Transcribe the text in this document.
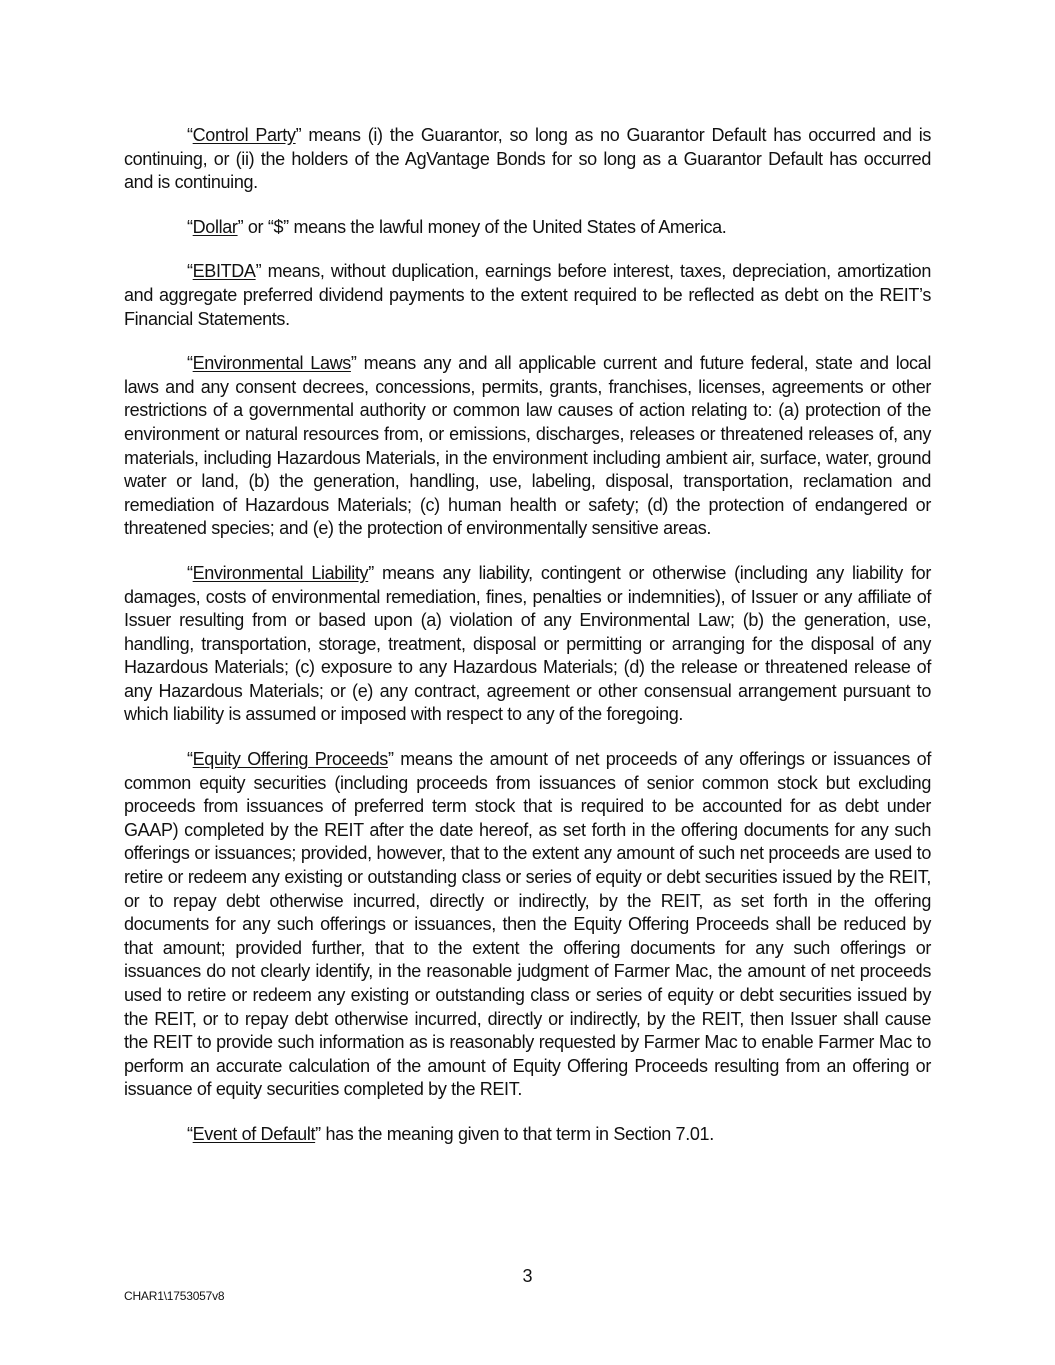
“Control Party” means (i) the Guarantor, so long as no Guarantor Default has occurred and is continuing, or (ii) the holders of the AgVantage Bonds for so long as a Guarantor Default has occurred and is continuing.

“Dollar” or “$” means the lawful money of the United States of America.

“EBITDA” means, without duplication, earnings before interest, taxes, depreciation, amortization and aggregate preferred dividend payments to the extent required to be reflected as debt on the REIT’s Financial Statements.

“Environmental Laws” means any and all applicable current and future federal, state and local laws and any consent decrees, concessions, permits, grants, franchises, licenses, agreements or other restrictions of a governmental authority or common law causes of action relating to: (a) protection of the environment or natural resources from, or emissions, discharges, releases or threatened releases of, any materials, including Hazardous Materials, in the environment including ambient air, surface, water, ground water or land, (b) the generation, handling, use, labeling, disposal, transportation, reclamation and remediation of Hazardous Materials; (c) human health or safety; (d) the protection of endangered or threatened species; and (e) the protection of environmentally sensitive areas.

“Environmental Liability” means any liability, contingent or otherwise (including any liability for damages, costs of environmental remediation, fines, penalties or indemnities), of Issuer or any affiliate of Issuer resulting from or based upon (a) violation of any Environmental Law; (b) the generation, use, handling, transportation, storage, treatment, disposal or permitting or arranging for the disposal of any Hazardous Materials; (c) exposure to any Hazardous Materials; (d) the release or threatened release of any Hazardous Materials; or (e) any contract, agreement or other consensual arrangement pursuant to which liability is assumed or imposed with respect to any of the foregoing.

“Equity Offering Proceeds” means the amount of net proceeds of any offerings or issuances of common equity securities (including proceeds from issuances of senior common stock but excluding proceeds from issuances of preferred term stock that is required to be accounted for as debt under GAAP) completed by the REIT after the date hereof, as set forth in the offering documents for any such offerings or issuances; provided, however, that to the extent any amount of such net proceeds are used to retire or redeem any existing or outstanding class or series of equity or debt securities issued by the REIT, or to repay debt otherwise incurred, directly or indirectly, by the REIT, as set forth in the offering documents for any such offerings or issuances, then the Equity Offering Proceeds shall be reduced by that amount; provided further, that to the extent the offering documents for any such offerings or issuances do not clearly identify, in the reasonable judgment of Farmer Mac, the amount of net proceeds used to retire or redeem any existing or outstanding class or series of equity or debt securities issued by the REIT, or to repay debt otherwise incurred, directly or indirectly, by the REIT, then Issuer shall cause the REIT to provide such information as is reasonably requested by Farmer Mac to enable Farmer Mac to perform an accurate calculation of the amount of Equity Offering Proceeds resulting from an offering or issuance of equity securities completed by the REIT.

“Event of Default” has the meaning given to that term in Section 7.01.

3
CHAR1\1753057v8
